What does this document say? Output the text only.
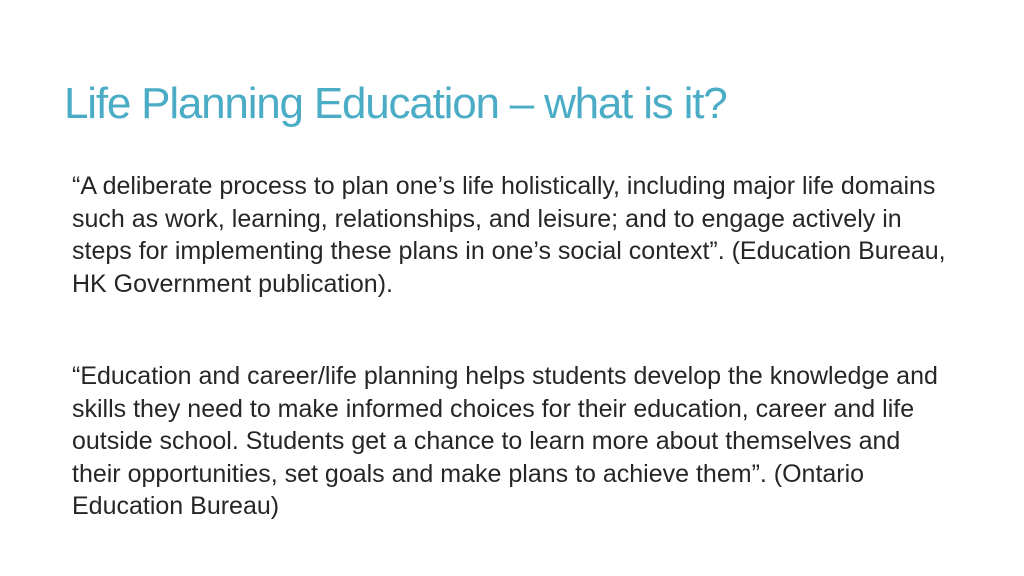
Life Planning Education – what is it?

“A deliberate process to plan one’s life holistically, including major life domains such as work, learning, relationships, and leisure; and to engage actively in steps for implementing these plans in one’s social context”. (Education Bureau, HK Government publication).

“Education and career/life planning helps students develop the knowledge and skills they need to make informed choices for their education, career and life outside school. Students get a chance to learn more about themselves and their opportunities, set goals and make plans to achieve them”. (Ontario Education Bureau)
